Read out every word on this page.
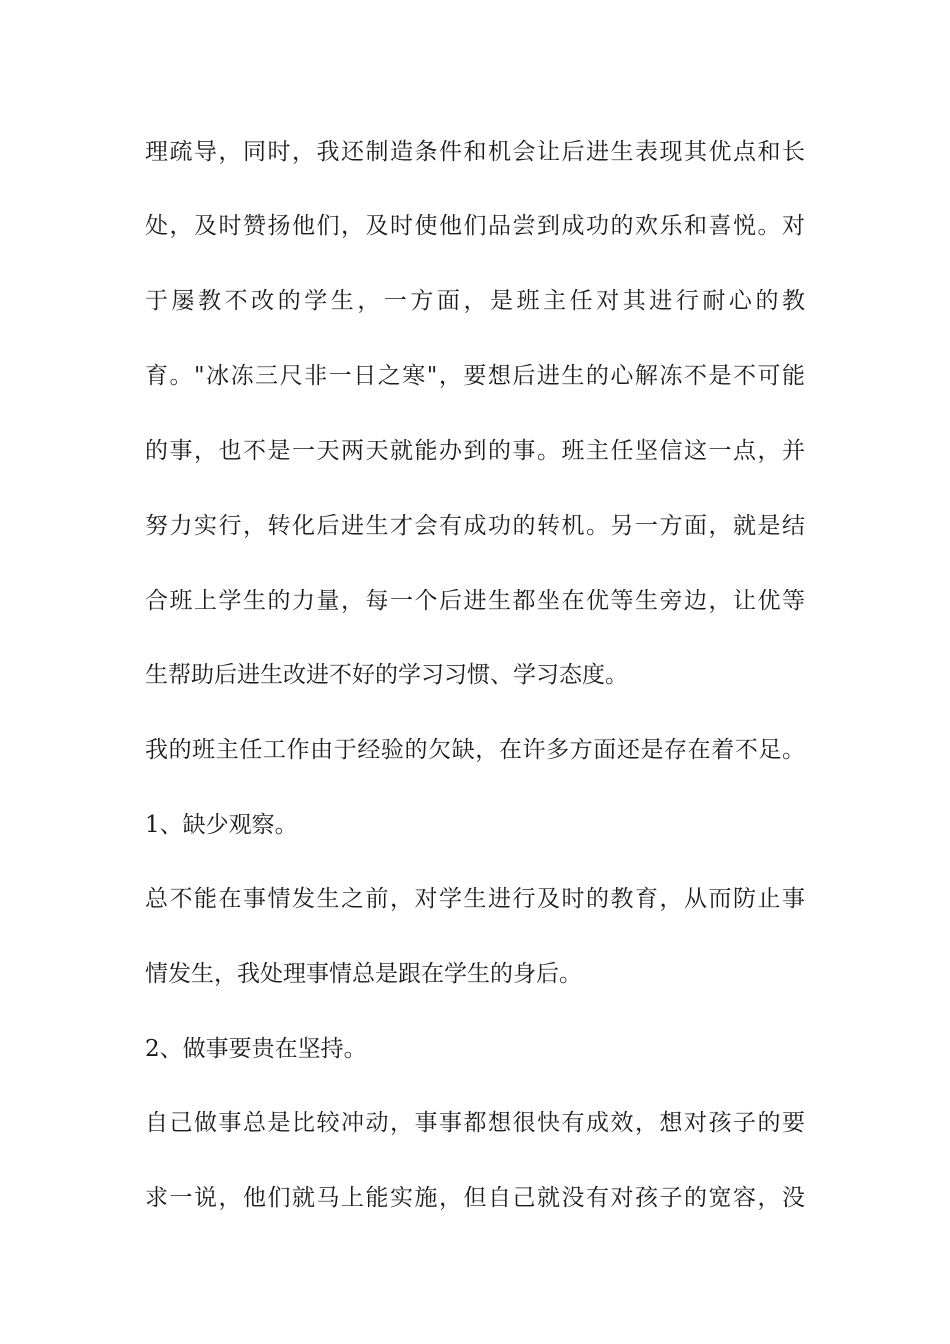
理疏导，同时，我还制造条件和机会让后进生表现其优点和长
处，及时赞扬他们，及时使他们品尝到成功的欢乐和喜悦。对
于屡教不改的学生，一方面，是班主任对其进行耐心的教
育。"冰冻三尺非一日之寒"，要想后进生的心解冻不是不可能
的事，也不是一天两天就能办到的事。班主任坚信这一点，并
努力实行，转化后进生才会有成功的转机。另一方面，就是结
合班上学生的力量，每一个后进生都坐在优等生旁边，让优等
生帮助后进生改进不好的学习习惯、学习态度。
我的班主任工作由于经验的欠缺，在许多方面还是存在着不足。
1、缺少观察。
总不能在事情发生之前，对学生进行及时的教育，从而防止事
情发生，我处理事情总是跟在学生的身后。
2、做事要贵在坚持。
自己做事总是比较冲动，事事都想很快有成效，想对孩子的要
求一说，他们就马上能实施，但自己就没有对孩子的宽容，没
